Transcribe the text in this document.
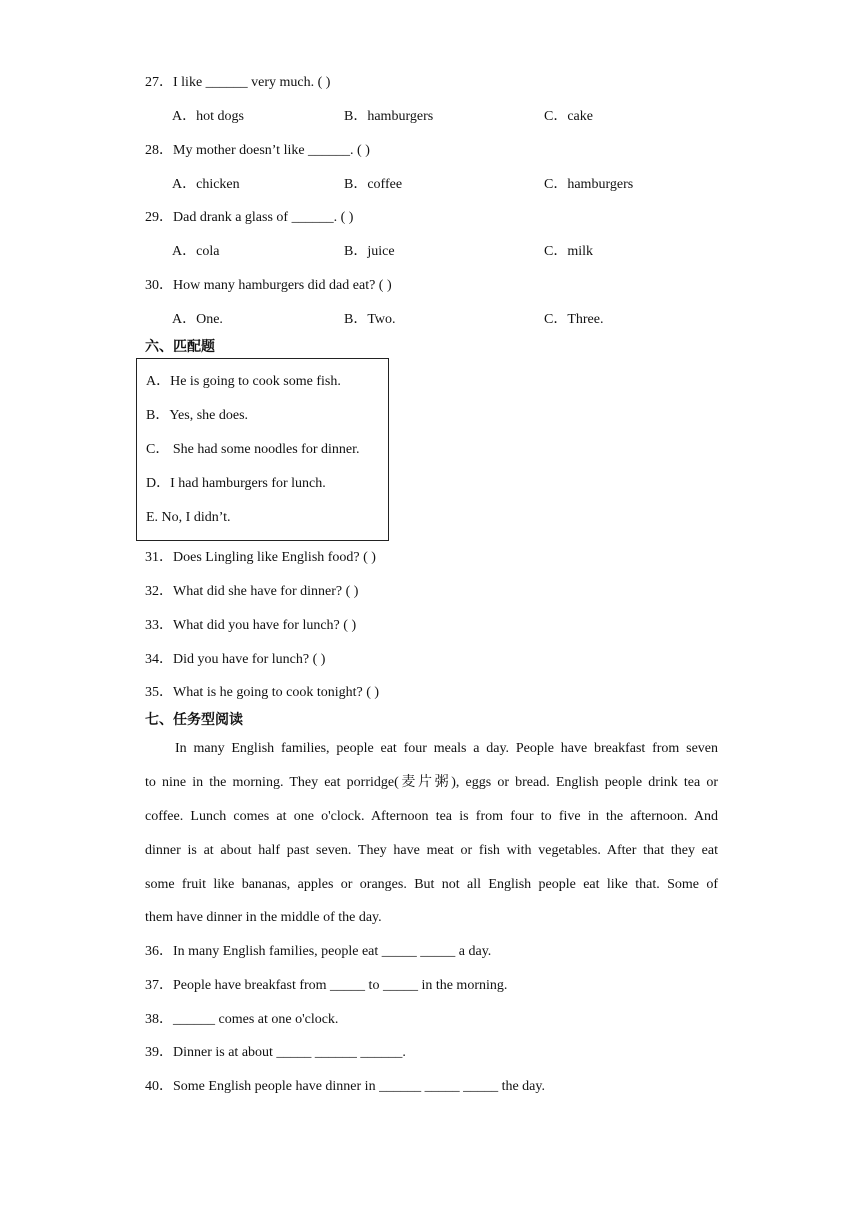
27．I like ______ very much. ( )
A．hot dogs	B．hamburgers	C．cake
28．My mother doesn’t like ______. ( )
A．chicken	B．coffee	C．hamburgers
29．Dad drank a glass of ______. ( )
A．cola	B．juice	C．milk
30．How many hamburgers did dad eat? ( )
A．One.	B．Two.	C．Three.
六、匹配题
A．He is going to cook some fish.
B．Yes, she does.
C． She had some noodles for dinner.
D．I had hamburgers for lunch.
E. No, I didn’t.
31．Does Lingling like English food? ( )
32．What did she have for dinner? ( )
33．What did you have for lunch? ( )
34．Did you have for lunch? ( )
35．What is he going to cook tonight? ( )
七、任务型阅读
In many English families, people eat four meals a day. People have breakfast from seven
to nine in the morning. They eat porridge(麦片粥), eggs or bread. English people drink tea or
coffee. Lunch comes at one o'clock. Afternoon tea is from four to five in the afternoon. And
dinner is at about half past seven. They have meat or fish with vegetables. After that they eat
some fruit like bananas, apples or oranges. But not all English people eat like that. Some of
them have dinner in the middle of the day.
36．In many English families, people eat _____ _____ a day.
37．People have breakfast from _____ to _____ in the morning.
38．______ comes at one o'clock.
39．Dinner is at about _____ ______ ______.
40．Some English people have dinner in ______ _____ _____ the day.
